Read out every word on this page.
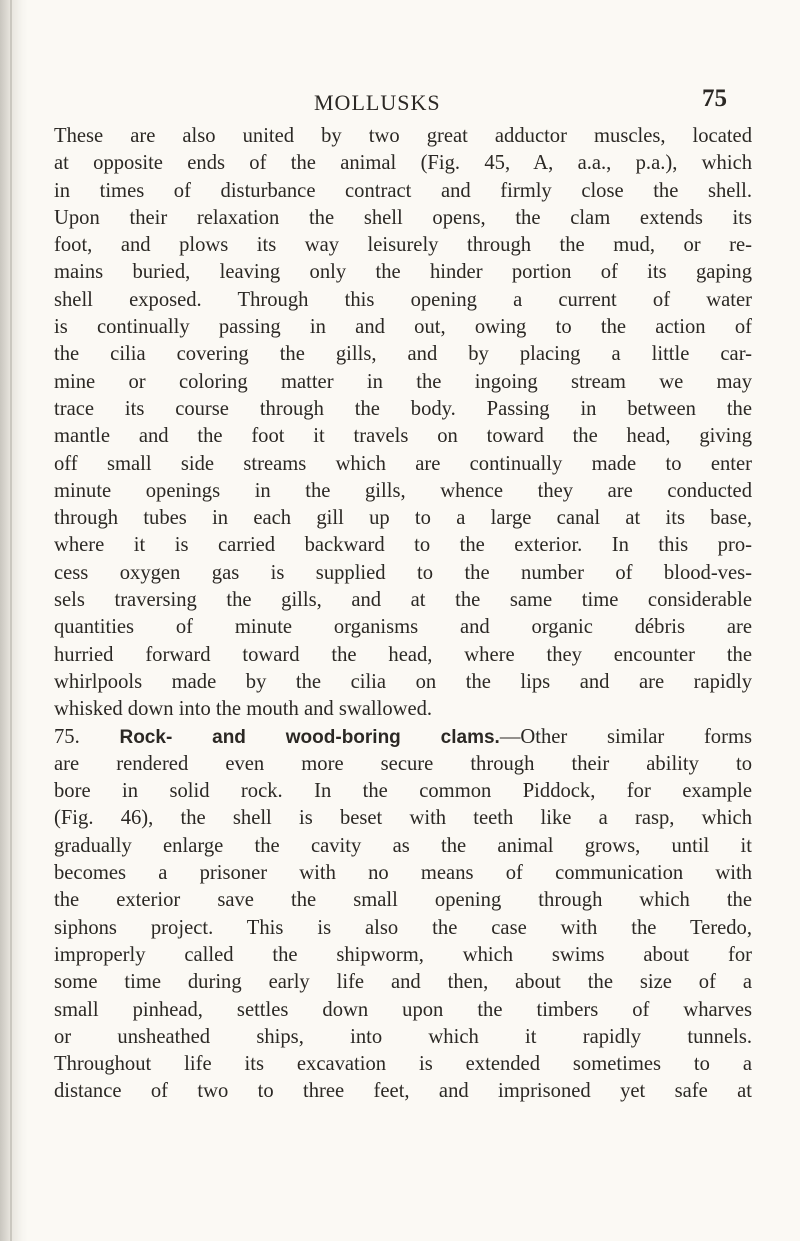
MOLLUSKS	75
These are also united by two great adductor muscles, located
at opposite ends of the animal (Fig. 45, A, a.a., p.a.), which
in times of disturbance contract and firmly close the shell.
Upon their relaxation the shell opens, the clam extends its
foot, and plows its way leisurely through the mud, or re-
mains buried, leaving only the hinder portion of its gaping
shell exposed. Through this opening a current of water
is continually passing in and out, owing to the action of
the cilia covering the gills, and by placing a little car-
mine or coloring matter in the ingoing stream we may
trace its course through the body. Passing in between the
mantle and the foot it travels on toward the head, giving
off small side streams which are continually made to enter
minute openings in the gills, whence they are conducted
through tubes in each gill up to a large canal at its base,
where it is carried backward to the exterior. In this pro-
cess oxygen gas is supplied to the number of blood-ves-
sels traversing the gills, and at the same time considerable
quantities of minute organisms and organic débris are
hurried forward toward the head, where they encounter the
whirlpools made by the cilia on the lips and are rapidly
whisked down into the mouth and swallowed.
75. Rock- and wood-boring clams.—Other similar forms
are rendered even more secure through their ability to
bore in solid rock. In the common Piddock, for example
(Fig. 46), the shell is beset with teeth like a rasp, which
gradually enlarge the cavity as the animal grows, until it
becomes a prisoner with no means of communication with
the exterior save the small opening through which the
siphons project. This is also the case with the Teredo,
improperly called the shipworm, which swims about for
some time during early life and then, about the size of a
small pinhead, settles down upon the timbers of wharves
or unsheathed ships, into which it rapidly tunnels.
Throughout life its excavation is extended sometimes to a
distance of two to three feet, and imprisoned yet safe at
